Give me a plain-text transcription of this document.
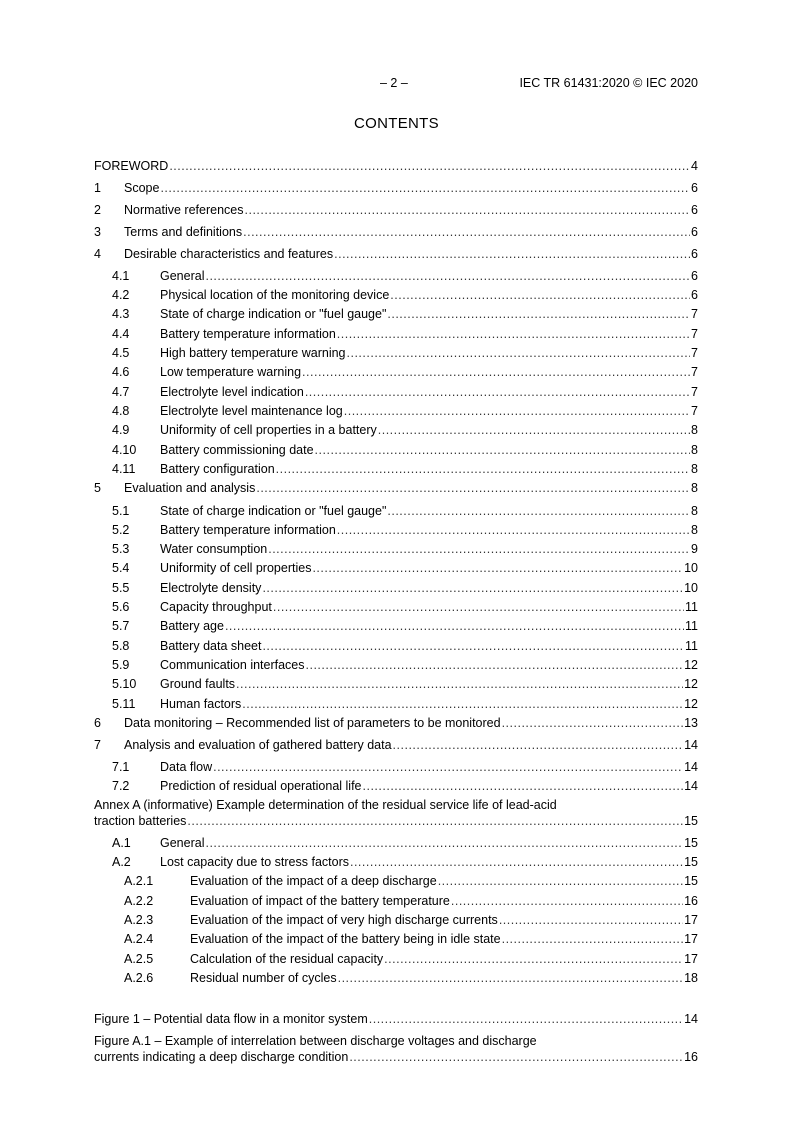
– 2 –	IEC TR 61431:2020 © IEC 2020
CONTENTS
FOREWORD .....	4
1 Scope .....	6
2 Normative references .....	6
3 Terms and definitions .....	6
4 Desirable characteristics and features .....	6
4.1 General .....	6
4.2 Physical location of the monitoring device .....	6
4.3 State of charge indication or "fuel gauge" .....	7
4.4 Battery temperature information .....	7
4.5 High battery temperature warning .....	7
4.6 Low temperature warning .....	7
4.7 Electrolyte level indication .....	7
4.8 Electrolyte level maintenance log .....	7
4.9 Uniformity of cell properties in a battery .....	8
4.10 Battery commissioning date .....	8
4.11 Battery configuration .....	8
5 Evaluation and analysis .....	8
5.1 State of charge indication or "fuel gauge" .....	8
5.2 Battery temperature information .....	8
5.3 Water consumption .....	9
5.4 Uniformity of cell properties .....	10
5.5 Electrolyte density .....	10
5.6 Capacity throughput .....	11
5.7 Battery age .....	11
5.8 Battery data sheet .....	11
5.9 Communication interfaces .....	12
5.10 Ground faults .....	12
5.11 Human factors .....	12
6 Data monitoring – Recommended list of parameters to be monitored .....	13
7 Analysis and evaluation of gathered battery data .....	14
7.1 Data flow .....	14
7.2 Prediction of residual operational life .....	14
Annex A (informative) Example determination of the residual service life of lead-acid
traction batteries .....	15
A.1 General .....	15
A.2 Lost capacity due to stress factors .....	15
A.2.1	Evaluation of the impact of a deep discharge .....	15
A.2.2	Evaluation of impact of the battery temperature .....	16
A.2.3	Evaluation of the impact of very high discharge currents .....	17
A.2.4	Evaluation of the impact of the battery being in idle state .....	17
A.2.5	Calculation of the residual capacity .....	17
A.2.6	Residual number of cycles .....	18
Figure 1 – Potential data flow in a monitor system .....	14
Figure A.1 – Example of interrelation between discharge voltages and discharge
currents indicating a deep discharge condition .....	16
